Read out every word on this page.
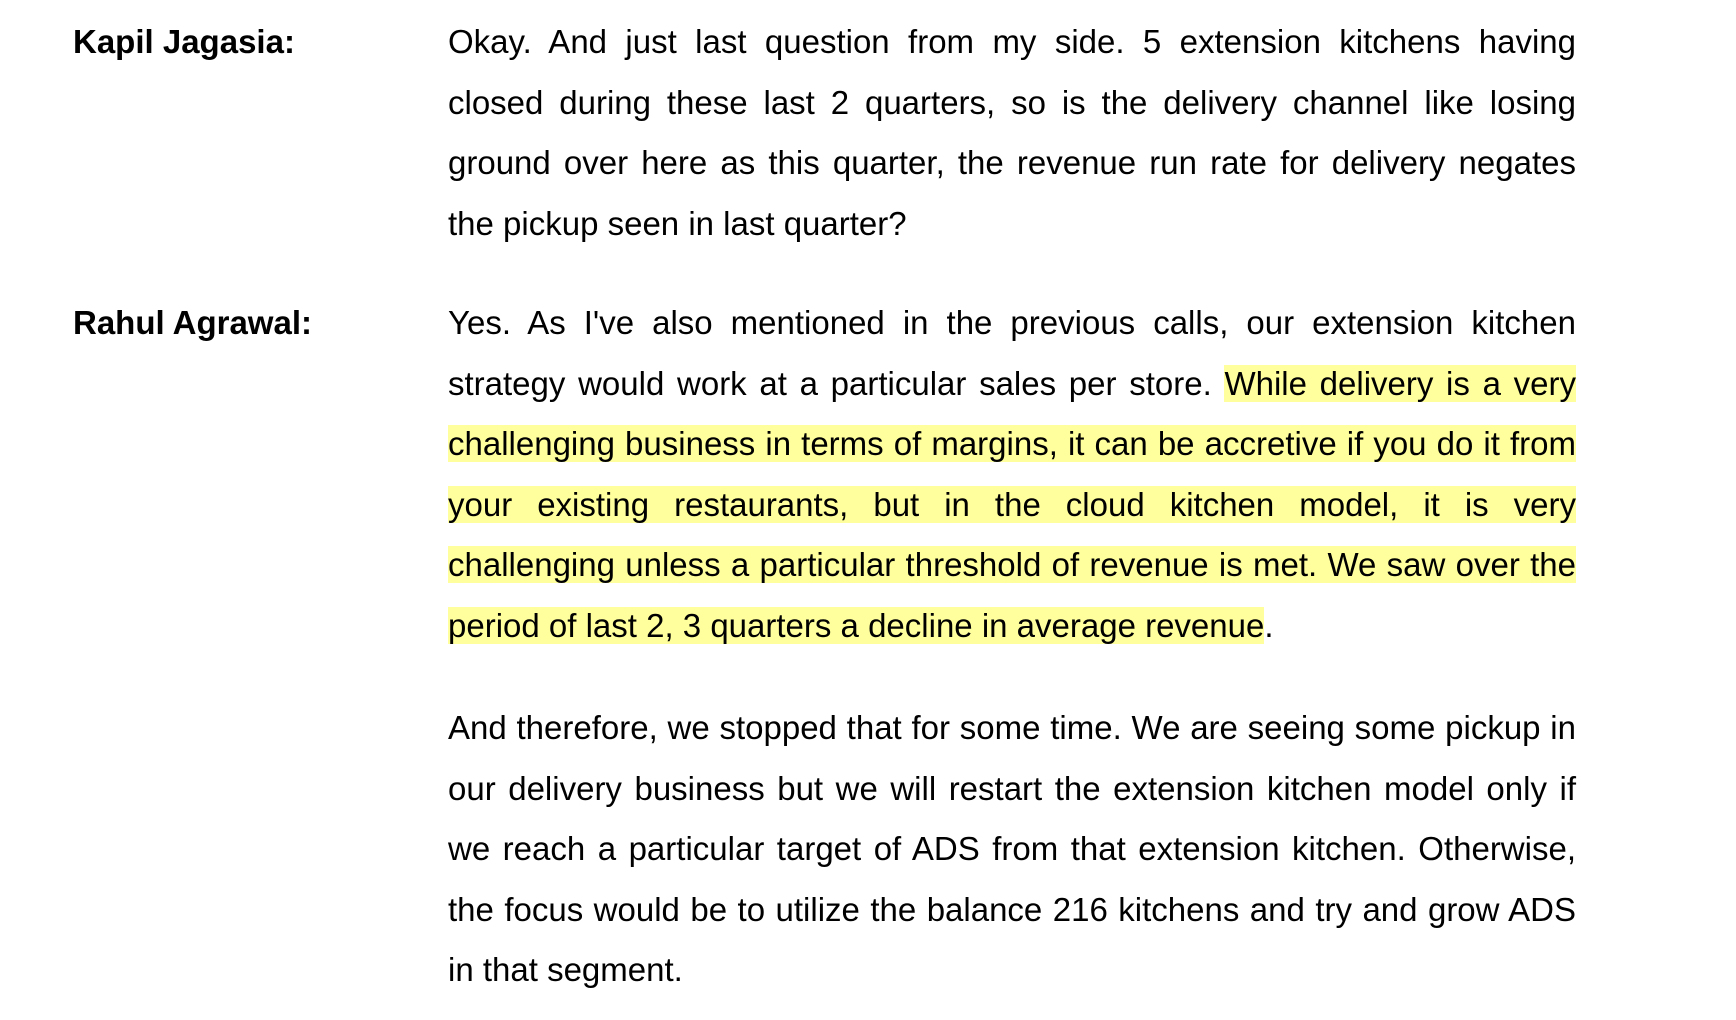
Kapil Jagasia:	Okay. And just last question from my side. 5 extension kitchens having closed during these last 2 quarters, so is the delivery channel like losing ground over here as this quarter, the revenue run rate for delivery negates the pickup seen in last quarter?

Rahul Agrawal:	Yes. As I've also mentioned in the previous calls, our extension kitchen strategy would work at a particular sales per store. While delivery is a very challenging business in terms of margins, it can be accretive if you do it from your existing restaurants, but in the cloud kitchen model, it is very challenging unless a particular threshold of revenue is met. We saw over the period of last 2, 3 quarters a decline in average revenue.

And therefore, we stopped that for some time. We are seeing some pickup in our delivery business but we will restart the extension kitchen model only if we reach a particular target of ADS from that extension kitchen. Otherwise, the focus would be to utilize the balance 216 kitchens and try and grow ADS in that segment.
